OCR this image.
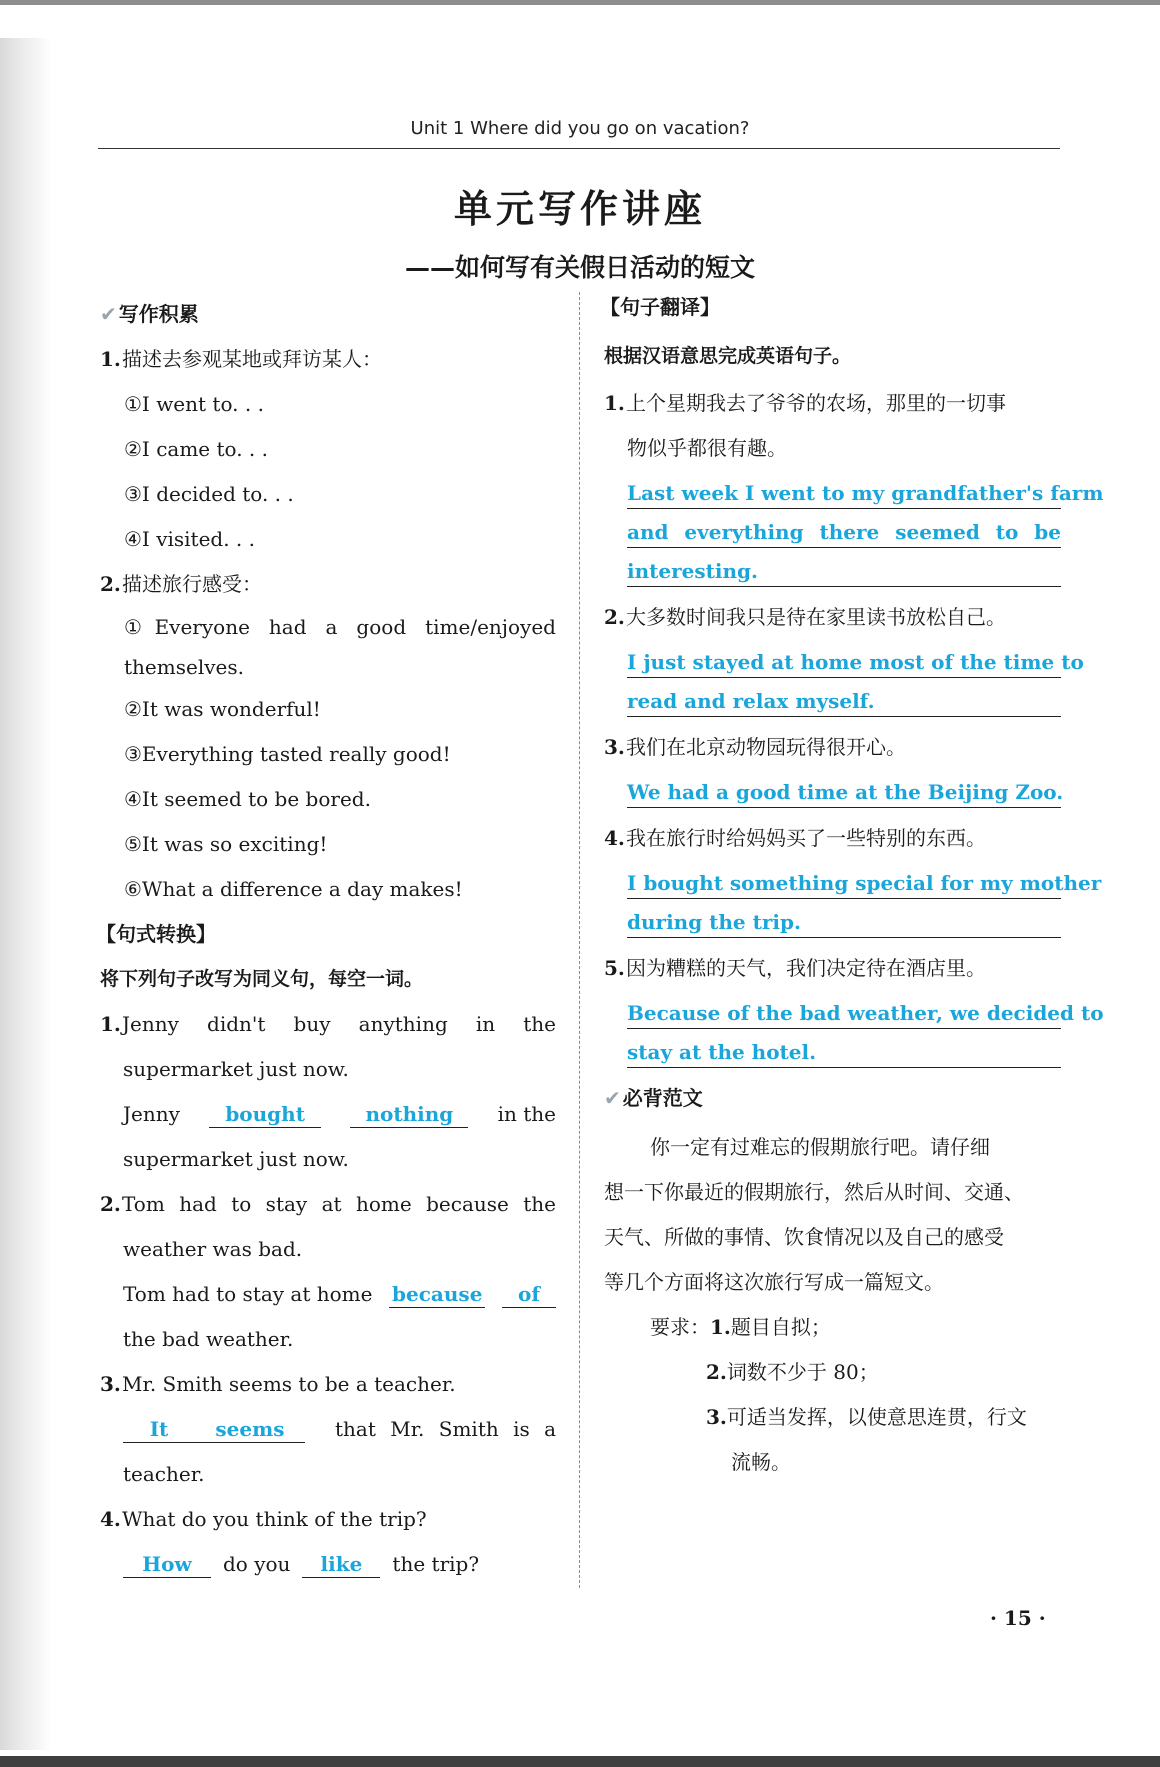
Unit 1 Where did you go on vacation?
单元写作讲座
——如何写有关假日活动的短文
✔ 写作积累
1. 描述去参观某地或拜访某人：
①I went to. . .
②I came to. . .
③I decided to. . .
④I visited. . .
2. 描述旅行感受：
①Everyone had a good time/enjoyed themselves.
②It was wonderful!
③Everything tasted really good!
④It seemed to be bored.
⑤It was so exciting!
⑥What a difference a day makes!
【句式转换】
将下列句子改写为同义句，每空一词。
1. Jenny didn't buy anything in the
supermarket just now.
Jenny	bought	nothing	in the
supermarket just now.
2. Tom had to stay at home because the
weather was bad.
Tom had to stay at home because	of
the bad weather.
3. Mr. Smith seems to be a teacher.
It	seems	that Mr. Smith is a
teacher.
4. What do you think of the trip?
How	do you	like	the trip?
【句子翻译】
根据汉语意思完成英语句子。
1. 上个星期我去了爷爷的农场，那里的一切事
物似乎都很有趣。
Last week I went to my grandfather's farm
and everything there seemed to be
interesting.
2. 大多数时间我只是待在家里读书放松自己。
I just stayed at home most of the time to
read and relax myself.
3. 我们在北京动物园玩得很开心。
We had a good time at the Beijing Zoo.
4. 我在旅行时给妈妈买了一些特别的东西。
I bought something special for my mother
during the trip.
5. 因为糟糕的天气，我们决定待在酒店里。
Because of the bad weather, we decided to
stay at the hotel.
✔ 必背范文
你一定有过难忘的假期旅行吧。请仔细
想一下你最近的假期旅行，然后从时间、交通、
天气、所做的事情、饮食情况以及自己的感受
等几个方面将这次旅行写成一篇短文。
要求：1.题目自拟；
2.词数不少于 80；
3.可适当发挥，以使意思连贯，行文
流畅。
· 15 ·
